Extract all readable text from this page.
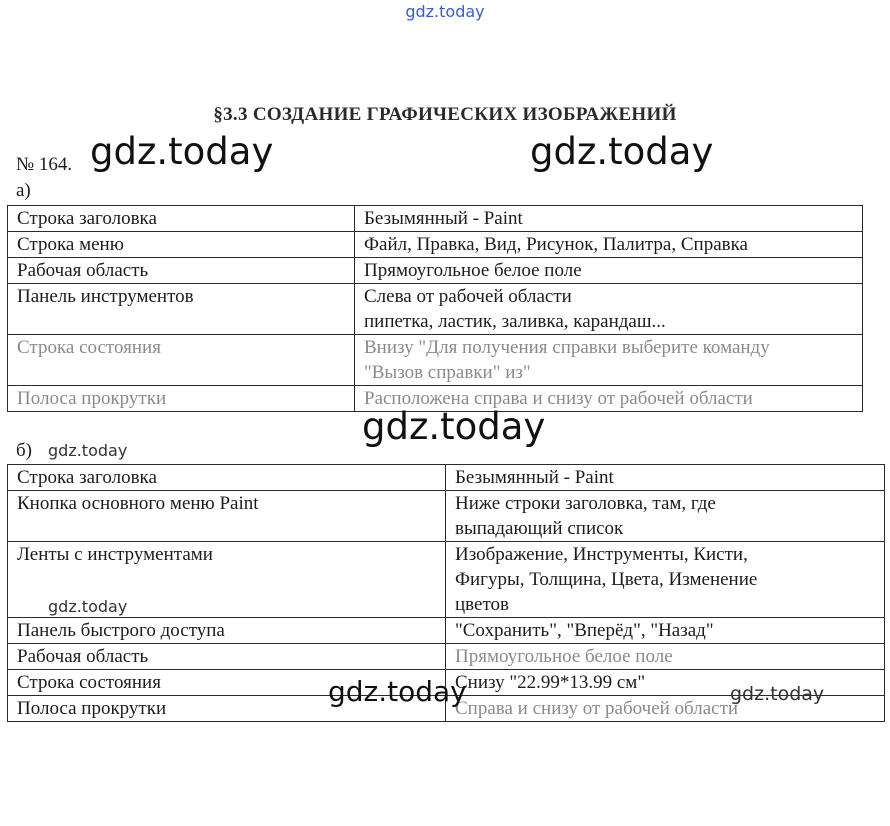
gdz.today
§3.3 СОЗДАНИЕ ГРАФИЧЕСКИХ ИЗОБРАЖЕНИЙ
№ 164.
а)
Строка заголовка	Безымянный - Paint

Строка меню	Файл, Правка, Вид, Рисунок, Палитра, Справка

Рабочая область	Прямоугольное белое поле

Панель инструментов	Слева от рабочей области
пипетка, ластик, заливка, карандаш...

Строка состояния	Внизу "Для получения справки выберите команду
"Вызов справки" из"

Полоса прокрутки	Расположена справа и снизу от рабочей области
б)
Строка заголовка	Безымянный - Paint

Кнопка основного меню Paint	Ниже строки заголовка, там, где
выпадающий список

Ленты с инструментами	Изображение, Инструменты, Кисти,
Фигуры, Толщина, Цвета, Изменение
цветов

Панель быстрого доступа	"Сохранить", "Вперёд", "Назад"

Рабочая область	Прямоугольное белое поле

Строка состояния	Снизу "22.99*13.99 см"

Полоса прокрутки	Справа и снизу от рабочей области
gdz.today	gdz.today
gdz.today
gdz.today
gdz.today
gdz.today	gdz.today
